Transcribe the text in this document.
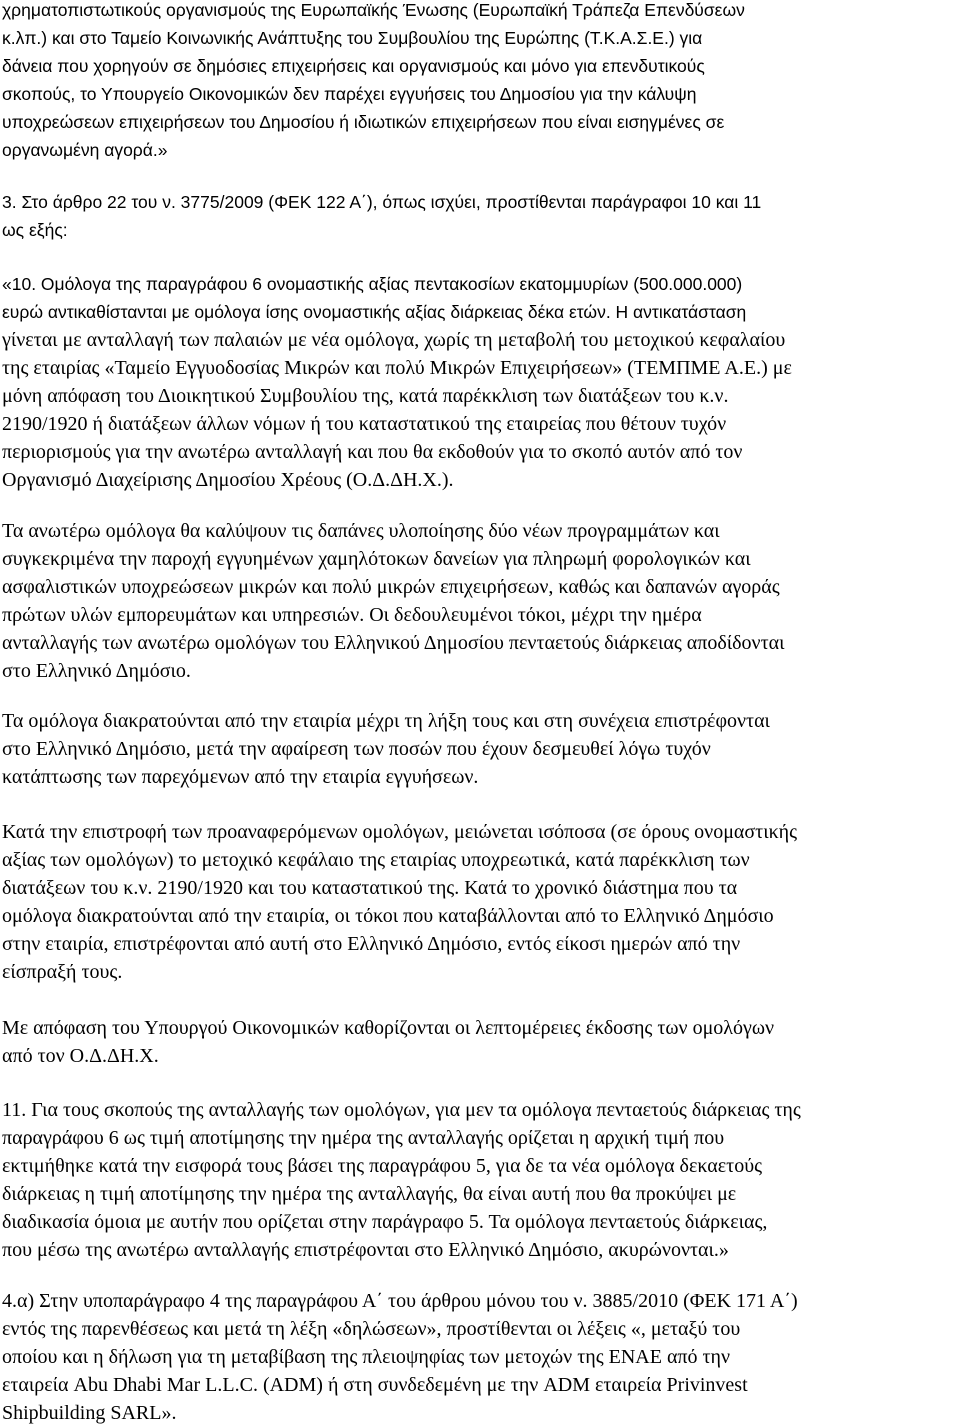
χρηματοπιστωτικούς οργανισμούς της Ευρωπαϊκής Ένωσης (Ευρωπαϊκή Τράπεζα Επενδύσεων
κ.λπ.) και στο Ταμείο Κοινωνικής Ανάπτυξης του Συμβουλίου της Ευρώπης (Τ.Κ.Α.Σ.Ε.) για
δάνεια που χορηγούν σε δημόσιες επιχειρήσεις και οργανισμούς και μόνο για επενδυτικούς
σκοπούς, το Υπουργείο Οικονομικών δεν παρέχει εγγυήσεις του Δημοσίου για την κάλυψη
υποχρεώσεων επιχειρήσεων του Δημοσίου ή ιδιωτικών επιχειρήσεων που είναι εισηγμένες σε
οργανωμένη αγορά.»
3. Στο άρθρο 22 του ν. 3775/2009 (ΦΕΚ 122 Α΄), όπως ισχύει, προστίθενται παράγραφοι 10 και 11
ως εξής:
«10. Ομόλογα της παραγράφου 6 ονομαστικής αξίας πεντακοσίων εκατομμυρίων (500.000.000)
ευρώ αντικαθίστανται με ομόλογα ίσης ονομαστικής αξίας διάρκειας δέκα ετών. Η αντικατάσταση
γίνεται με ανταλλαγή των παλαιών με νέα ομόλογα, χωρίς τη μεταβολή του μετοχικού κεφαλαίου
της εταιρίας «Ταμείο Εγγυοδοσίας Μικρών και πολύ Μικρών Επιχειρήσεων» (ΤΕΜΠΜΕ Α.Ε.) με
μόνη απόφαση του Διοικητικού Συμβουλίου της, κατά παρέκκλιση των διατάξεων του κ.ν.
2190/1920 ή διατάξεων άλλων νόμων ή του καταστατικού της εταιρείας που θέτουν τυχόν
περιορισμούς για την ανωτέρω ανταλλαγή και που θα εκδοθούν για το σκοπό αυτόν από τον
Οργανισμό Διαχείρισης Δημοσίου Χρέους (Ο.Δ.ΔΗ.Χ.).
Τα ανωτέρω ομόλογα θα καλύψουν τις δαπάνες υλοποίησης δύο νέων προγραμμάτων και
συγκεκριμένα την παροχή εγγυημένων χαμηλότοκων δανείων για πληρωμή φορολογικών και
ασφαλιστικών υποχρεώσεων μικρών και πολύ μικρών επιχειρήσεων, καθώς και δαπανών αγοράς
πρώτων υλών εμπορευμάτων και υπηρεσιών. Οι δεδουλευμένοι τόκοι, μέχρι την ημέρα
ανταλλαγής των ανωτέρω ομολόγων του Ελληνικού Δημοσίου πενταετούς διάρκειας αποδίδονται
στο Ελληνικό Δημόσιο.
Τα ομόλογα διακρατούνται από την εταιρία μέχρι τη λήξη τους και στη συνέχεια επιστρέφονται
στο Ελληνικό Δημόσιο, μετά την αφαίρεση των ποσών που έχουν δεσμευθεί λόγω τυχόν
κατάπτωσης των παρεχόμενων από την εταιρία εγγυήσεων.
Κατά την επιστροφή των προαναφερόμενων ομολόγων, μειώνεται ισόποσα (σε όρους ονομαστικής
αξίας των ομολόγων) το μετοχικό κεφάλαιο της εταιρίας υποχρεωτικά, κατά παρέκκλιση των
διατάξεων του κ.ν. 2190/1920 και του καταστατικού της. Κατά το χρονικό διάστημα που τα
ομόλογα διακρατούνται από την εταιρία, οι τόκοι που καταβάλλονται από το Ελληνικό Δημόσιο
στην εταιρία, επιστρέφονται από αυτή στο Ελληνικό Δημόσιο, εντός είκοσι ημερών από την
είσπραξή τους.
Με απόφαση του Υπουργού Οικονομικών καθορίζονται οι λεπτομέρειες έκδοσης των ομολόγων
από τον Ο.Δ.ΔΗ.Χ.
11. Για τους σκοπούς της ανταλλαγής των ομολόγων, για μεν τα ομόλογα πενταετούς διάρκειας της
παραγράφου 6 ως τιμή αποτίμησης την ημέρα της ανταλλαγής ορίζεται η αρχική τιμή που
εκτιμήθηκε κατά την εισφορά τους βάσει της παραγράφου 5, για δε τα νέα ομόλογα δεκαετούς
διάρκειας η τιμή αποτίμησης την ημέρα της ανταλλαγής, θα είναι αυτή που θα προκύψει με
διαδικασία όμοια με αυτήν που ορίζεται στην παράγραφο 5. Τα ομόλογα πενταετούς διάρκειας,
που μέσω της ανωτέρω ανταλλαγής επιστρέφονται στο Ελληνικό Δημόσιο, ακυρώνονται.»
4.α) Στην υποπαράγραφο 4 της παραγράφου Α΄ του άρθρου μόνου του ν. 3885/2010 (ΦΕΚ 171 Α΄)
εντός της παρενθέσεως και μετά τη λέξη «δηλώσεων», προστίθενται οι λέξεις «, μεταξύ του
οποίου και η δήλωση για τη μεταβίβαση της πλειοψηφίας των μετοχών της ΕΝΑΕ από την
εταιρεία Abu Dhabi Mar L.L.C. (ADM) ή στη συνδεδεμένη με την ADM εταιρεία Privinvest
Shipbuilding SARL».
